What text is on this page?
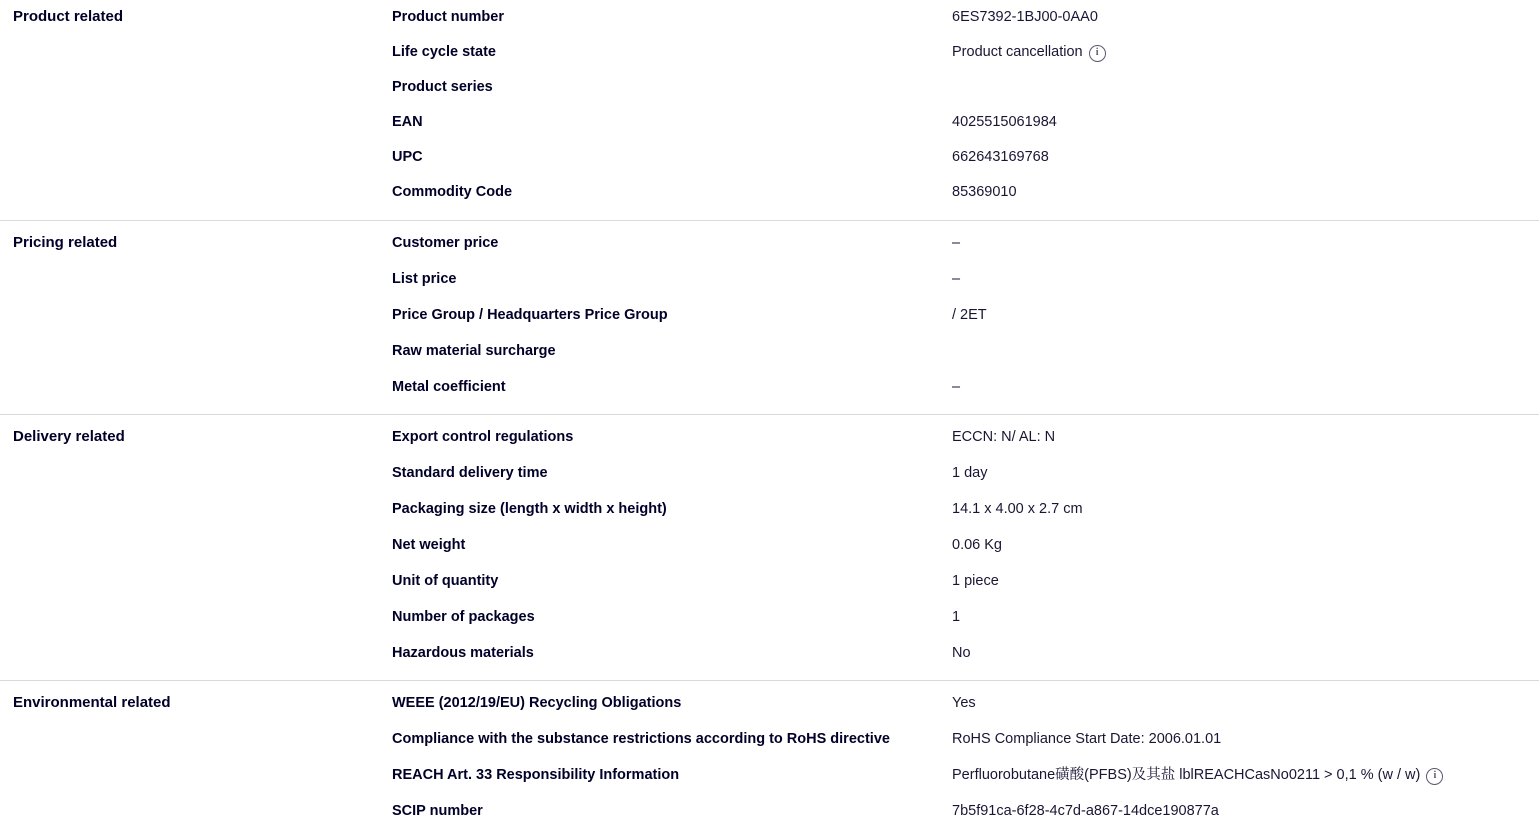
Product related	Product number	6ES7392-1BJ00-0AA0
Life cycle state	Product cancellation	i
Product series
EAN	4025515061984
UPC	662643169768
Commodity Code	85369010
Pricing related	Customer price	–
List price	–
Price Group / Headquarters Price Group	/ 2ET
Raw material surcharge
Metal coefficient	–
Delivery related	Export control regulations	ECCN: N/ AL: N
Standard delivery time	1 day
Packaging size (length x width x height)	14.1 x 4.00 x 2.7 cm
Net weight	0.06 Kg
Unit of quantity	1 piece
Number of packages	1
Hazardous materials	No
Environmental related	WEEE (2012/19/EU) Recycling Obligations	Yes
Compliance with the substance restrictions according to RoHS directive	RoHS Compliance Start Date: 2006.01.01
REACH Art. 33 Responsibility Information	Perfluorobutane磺酸(PFBS)及其盐 lblREACHCasNo0211 > 0,1 % (w / w)	i
SCIP number	7b5f91ca-6f28-4c7d-a867-14dce190877a
